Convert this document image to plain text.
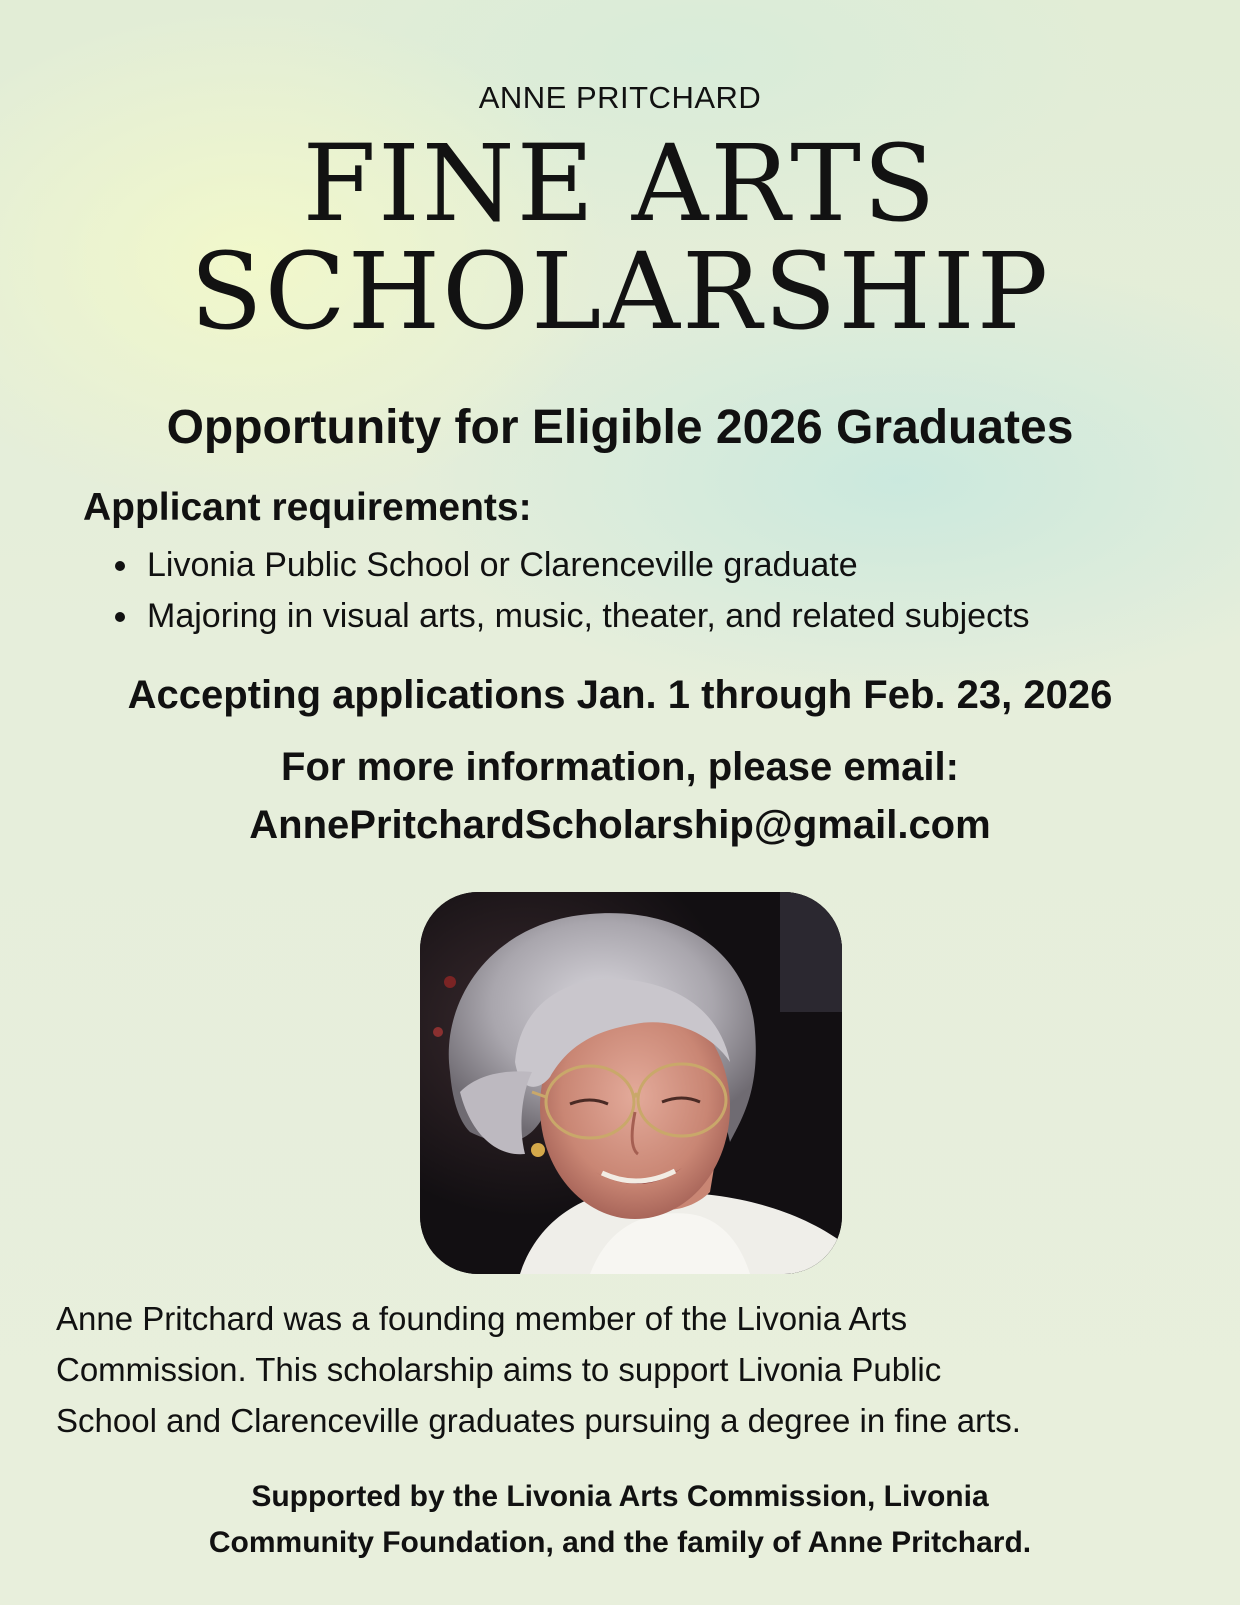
ANNE PRITCHARD
FINE ARTS
SCHOLARSHIP
Opportunity for Eligible 2026 Graduates
Applicant requirements:
Livonia Public School or Clarenceville graduate
Majoring in visual arts, music, theater, and related subjects
Accepting applications Jan. 1 through Feb. 23, 2026
For more information, please email:
AnnePritchardScholarship@gmail.com
Anne Pritchard was a founding member of the Livonia Arts
Commission. This scholarship aims to support Livonia Public
School and Clarenceville graduates pursuing a degree in fine arts.
Supported by the Livonia Arts Commission, Livonia
Community Foundation, and the family of Anne Pritchard.
